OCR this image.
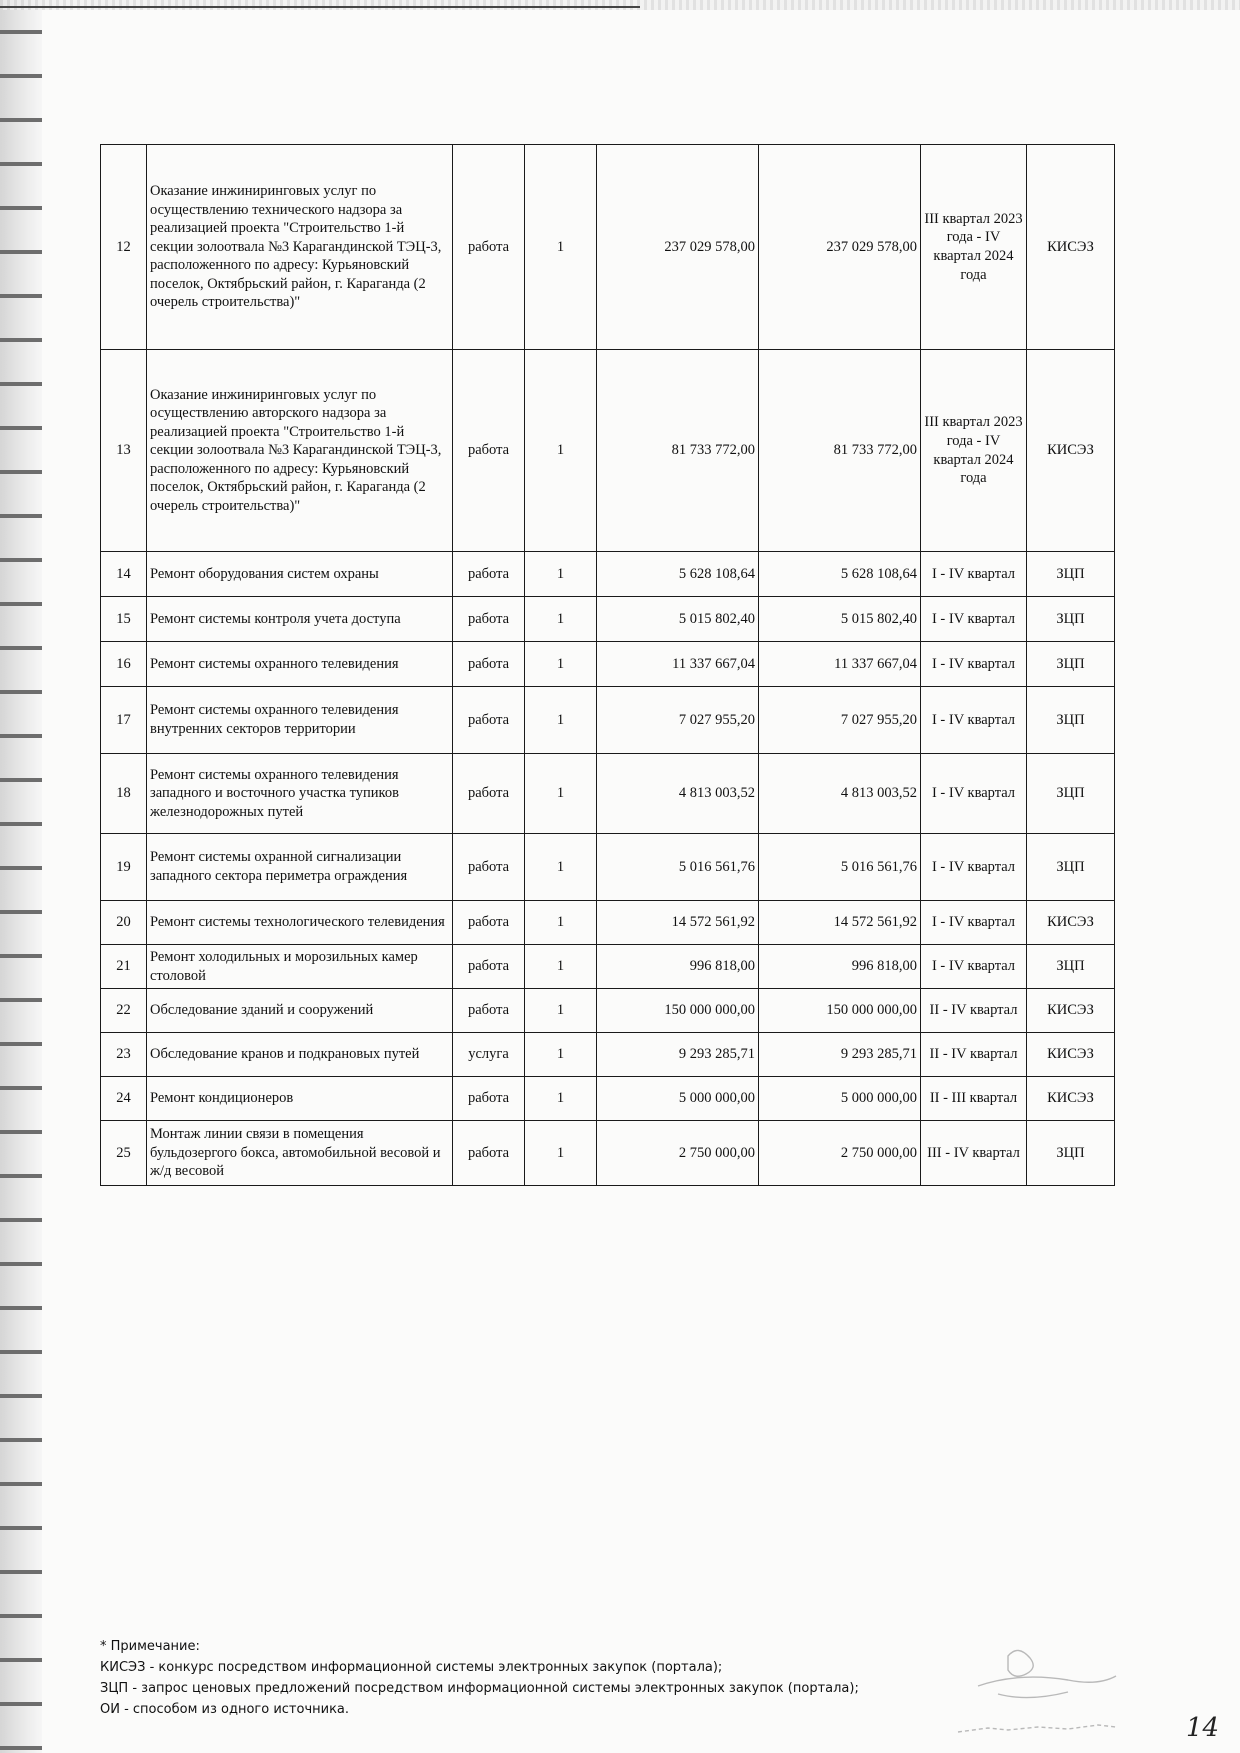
12	Оказание инжиниринговых услуг по осуществлению технического надзора за реализацией проекта "Строительство 1-й секции золоотвала №3 Карагандинской ТЭЦ-3, расположенного по адресу: Курьяновский поселок, Октябрьский район, г. Караганда (2 очерель строительства)"	работа	1	237 029 578,00	237 029 578,00	III квартал 2023 года - IV квартал 2024 года	КИСЭЗ
13	Оказание инжиниринговых услуг по осуществлению авторского надзора за реализацией проекта "Строительство 1-й секции золоотвала №3 Карагандинской ТЭЦ-3, расположенного по адресу: Курьяновский поселок, Октябрьский район, г. Караганда (2 очерель строительства)"	работа	1	81 733 772,00	81 733 772,00	III квартал 2023 года - IV квартал 2024 года	КИСЭЗ
14	Ремонт оборудования систем охраны	работа	1	5 628 108,64	5 628 108,64	I - IV квартал	ЗЦП
15	Ремонт системы контроля учета доступа	работа	1	5 015 802,40	5 015 802,40	I - IV квартал	ЗЦП
16	Ремонт системы охранного телевидения	работа	1	11 337 667,04	11 337 667,04	I - IV квартал	ЗЦП
17	Ремонт системы охранного телевидения внутренних секторов территории	работа	1	7 027 955,20	7 027 955,20	I - IV квартал	ЗЦП
18	Ремонт системы охранного телевидения западного и восточного участка тупиков железнодорожных путей	работа	1	4 813 003,52	4 813 003,52	I - IV квартал	ЗЦП
19	Ремонт системы охранной сигнализации западного сектора периметра ограждения	работа	1	5 016 561,76	5 016 561,76	I - IV квартал	ЗЦП
20	Ремонт системы технологического телевидения	работа	1	14 572 561,92	14 572 561,92	I - IV квартал	КИСЭЗ
21	Ремонт холодильных и морозильных камер столовой	работа	1	996 818,00	996 818,00	I - IV квартал	ЗЦП
22	Обследование зданий и сооружений	работа	1	150 000 000,00	150 000 000,00	II - IV квартал	КИСЭЗ
23	Обследование кранов и подкрановых путей	услуга	1	9 293 285,71	9 293 285,71	II - IV квартал	КИСЭЗ
24	Ремонт кондиционеров	работа	1	5 000 000,00	5 000 000,00	II - III квартал	КИСЭЗ
25	Монтаж линии связи в помещения бульдозергого бокса, автомобильной весовой и ж/д весовой	работа	1	2 750 000,00	2 750 000,00	III - IV квартал	ЗЦП
* Примечание:
КИСЭЗ - конкурс посредством информационной системы электронных закупок (портала);
ЗЦП - запрос ценовых предложений посредством информационной системы электронных закупок (портала);
ОИ - способом из одного источника.
14
